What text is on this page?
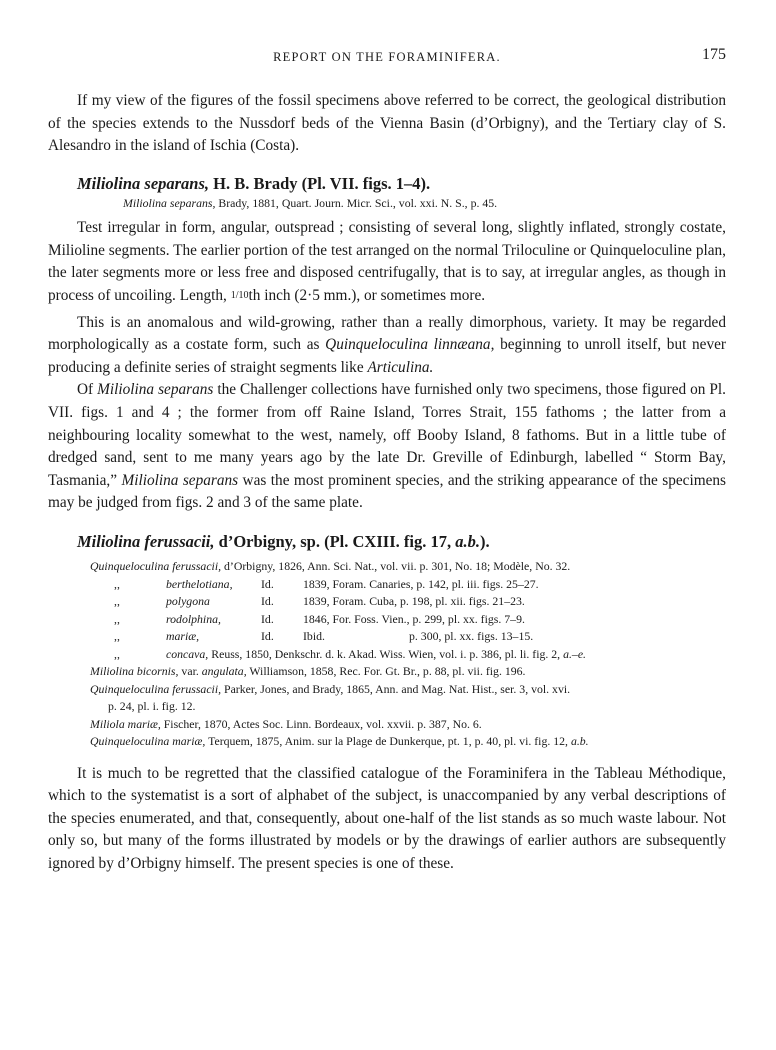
REPORT ON THE FORAMINIFERA.	175

If my view of the figures of the fossil specimens above referred to be correct, the geological distribution of the species extends to the Nussdorf beds of the Vienna Basin (d’Orbigny), and the Tertiary clay of S. Alesandro in the island of Ischia (Costa).

Miliolina separans, H. B. Brady (Pl. VII. figs. 1–4).
Miliolina separans, Brady, 1881, Quart. Journ. Micr. Sci., vol. xxi. N. S., p. 45.

Test irregular in form, angular, outspread ; consisting of several long, slightly inflated, strongly costate, Milioline segments. The earlier portion of the test arranged on the normal Triloculine or Quinqueloculine plan, the later segments more or less free and disposed centrifugally, that is to say, at irregular angles, as though in process of uncoiling. Length, 1/10th inch (2·5 mm.), or sometimes more.

This is an anomalous and wild-growing, rather than a really dimorphous, variety. It may be regarded morphologically as a costate form, such as Quinqueloculina linnæana, beginning to unroll itself, but never producing a definite series of straight segments like Articulina.

Of Miliolina separans the Challenger collections have furnished only two specimens, those figured on Pl. VII. figs. 1 and 4 ; the former from off Raine Island, Torres Strait, 155 fathoms ; the latter from a neighbouring locality somewhat to the west, namely, off Booby Island, 8 fathoms. But in a little tube of dredged sand, sent to me many years ago by the late Dr. Greville of Edinburgh, labelled “ Storm Bay, Tasmania,” Miliolina separans was the most prominent species, and the striking appearance of the specimens may be judged from figs. 2 and 3 of the same plate.

Miliolina ferussacii, d’Orbigny, sp. (Pl. CXIII. fig. 17, a.b.).
Quinqueloculina ferussacii, d’Orbigny, 1826, Ann. Sci. Nat., vol. vii. p. 301, No. 18; Modèle, No. 32.
,,	berthelotiana, Id. 1839, Foram. Canaries, p. 142, pl. iii. figs. 25–27.
,,	polygona	Id. 1839, Foram. Cuba, p. 198, pl. xii. figs. 21–23.
,,	rodolphina,	Id. 1846, For. Foss. Vien., p. 299, pl. xx. figs. 7–9.
,,	mariæ,	Id. Ibid.	p. 300, pl. xx. figs. 13–15.
,,	concava, Reuss, 1850, Denkschr. d. k. Akad. Wiss. Wien, vol. i. p. 386, pl. li. fig. 2, a.–e.
Miliolina bicornis, var. angulata, Williamson, 1858, Rec. For. Gt. Br., p. 88, pl. vii. fig. 196.
Quinqueloculina ferussacii, Parker, Jones, and Brady, 1865, Ann. and Mag. Nat. Hist., ser. 3, vol. xvi.
p. 24, pl. i. fig. 12.
Miliola mariæ, Fischer, 1870, Actes Soc. Linn. Bordeaux, vol. xxvii. p. 387, No. 6.
Quinqueloculina mariæ, Terquem, 1875, Anim. sur la Plage de Dunkerque, pt. 1, p. 40, pl. vi. fig. 12, a.b.

It is much to be regretted that the classified catalogue of the Foraminifera in the Tableau Méthodique, which to the systematist is a sort of alphabet of the subject, is unaccompanied by any verbal descriptions of the species enumerated, and that, consequently, about one-half of the list stands as so much waste labour. Not only so, but many of the forms illustrated by models or by the drawings of earlier authors are subsequently ignored by d’Orbigny himself. The present species is one of these.
